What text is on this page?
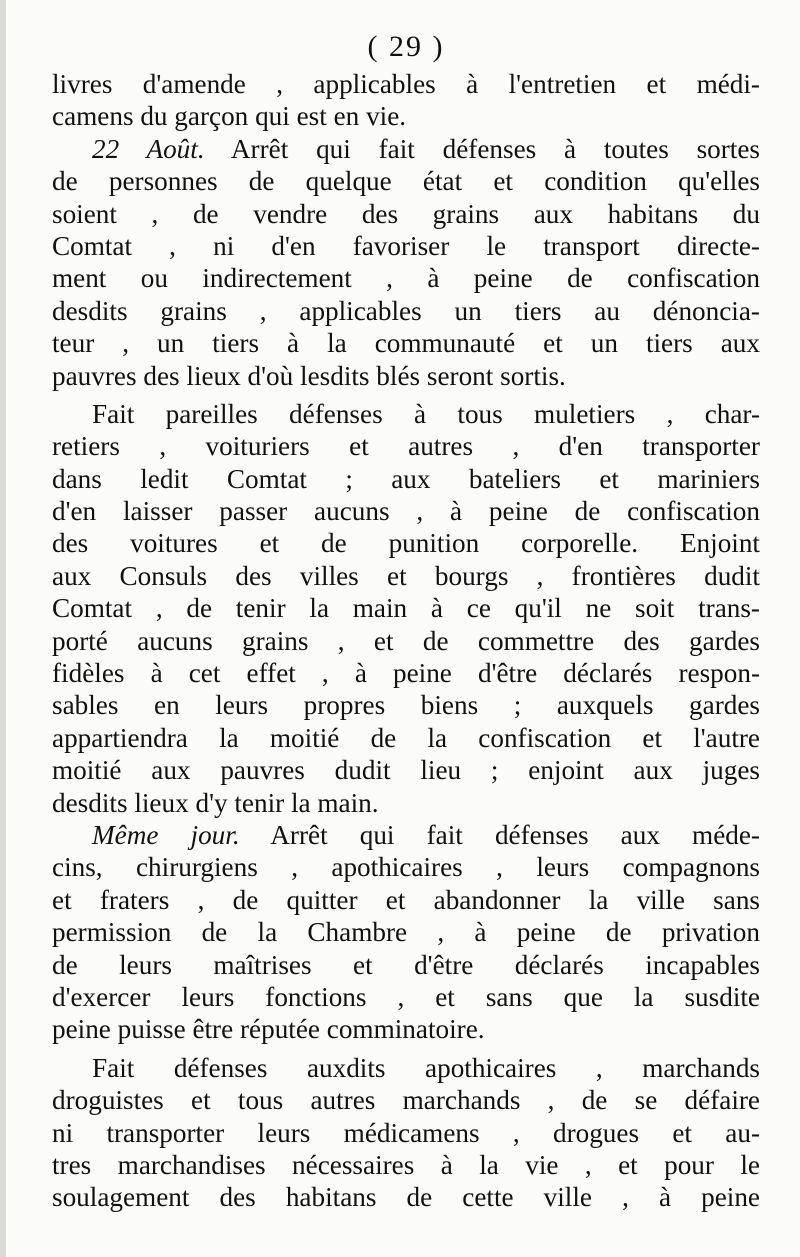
( 29 )
livres d'amende , applicables à l'entretien et médi-
camens du garçon qui est en vie.
22 Août. Arrêt qui fait défenses à toutes sortes
de personnes de quelque état et condition qu'elles
soient , de vendre des grains aux habitans du
Comtat , ni d'en favoriser le transport directe-
ment ou indirectement , à peine de confiscation
desdits grains , applicables un tiers au dénoncia-
teur , un tiers à la communauté et un tiers aux
pauvres des lieux d'où lesdits blés seront sortis.
Fait pareilles défenses à tous muletiers , char-
retiers , voituriers et autres , d'en transporter
dans ledit Comtat ; aux bateliers et mariniers
d'en laisser passer aucuns , à peine de confiscation
des voitures et de punition corporelle. Enjoint
aux Consuls des villes et bourgs , frontières dudit
Comtat , de tenir la main à ce qu'il ne soit trans-
porté aucuns grains , et de commettre des gardes
fidèles à cet effet , à peine d'être déclarés respon-
sables en leurs propres biens ; auxquels gardes
appartiendra la moitié de la confiscation et l'autre
moitié aux pauvres dudit lieu ; enjoint aux juges
desdits lieux d'y tenir la main.
Même jour. Arrêt qui fait défenses aux méde-
cins, chirurgiens , apothicaires , leurs compagnons
et fraters , de quitter et abandonner la ville sans
permission de la Chambre , à peine de privation
de leurs maîtrises et d'être déclarés incapables
d'exercer leurs fonctions , et sans que la susdite
peine puisse être réputée comminatoire.
Fait défenses auxdits apothicaires , marchands
droguistes et tous autres marchands , de se défaire
ni transporter leurs médicamens , drogues et au-
tres marchandises nécessaires à la vie , et pour le
soulagement des habitans de cette ville , à peine
